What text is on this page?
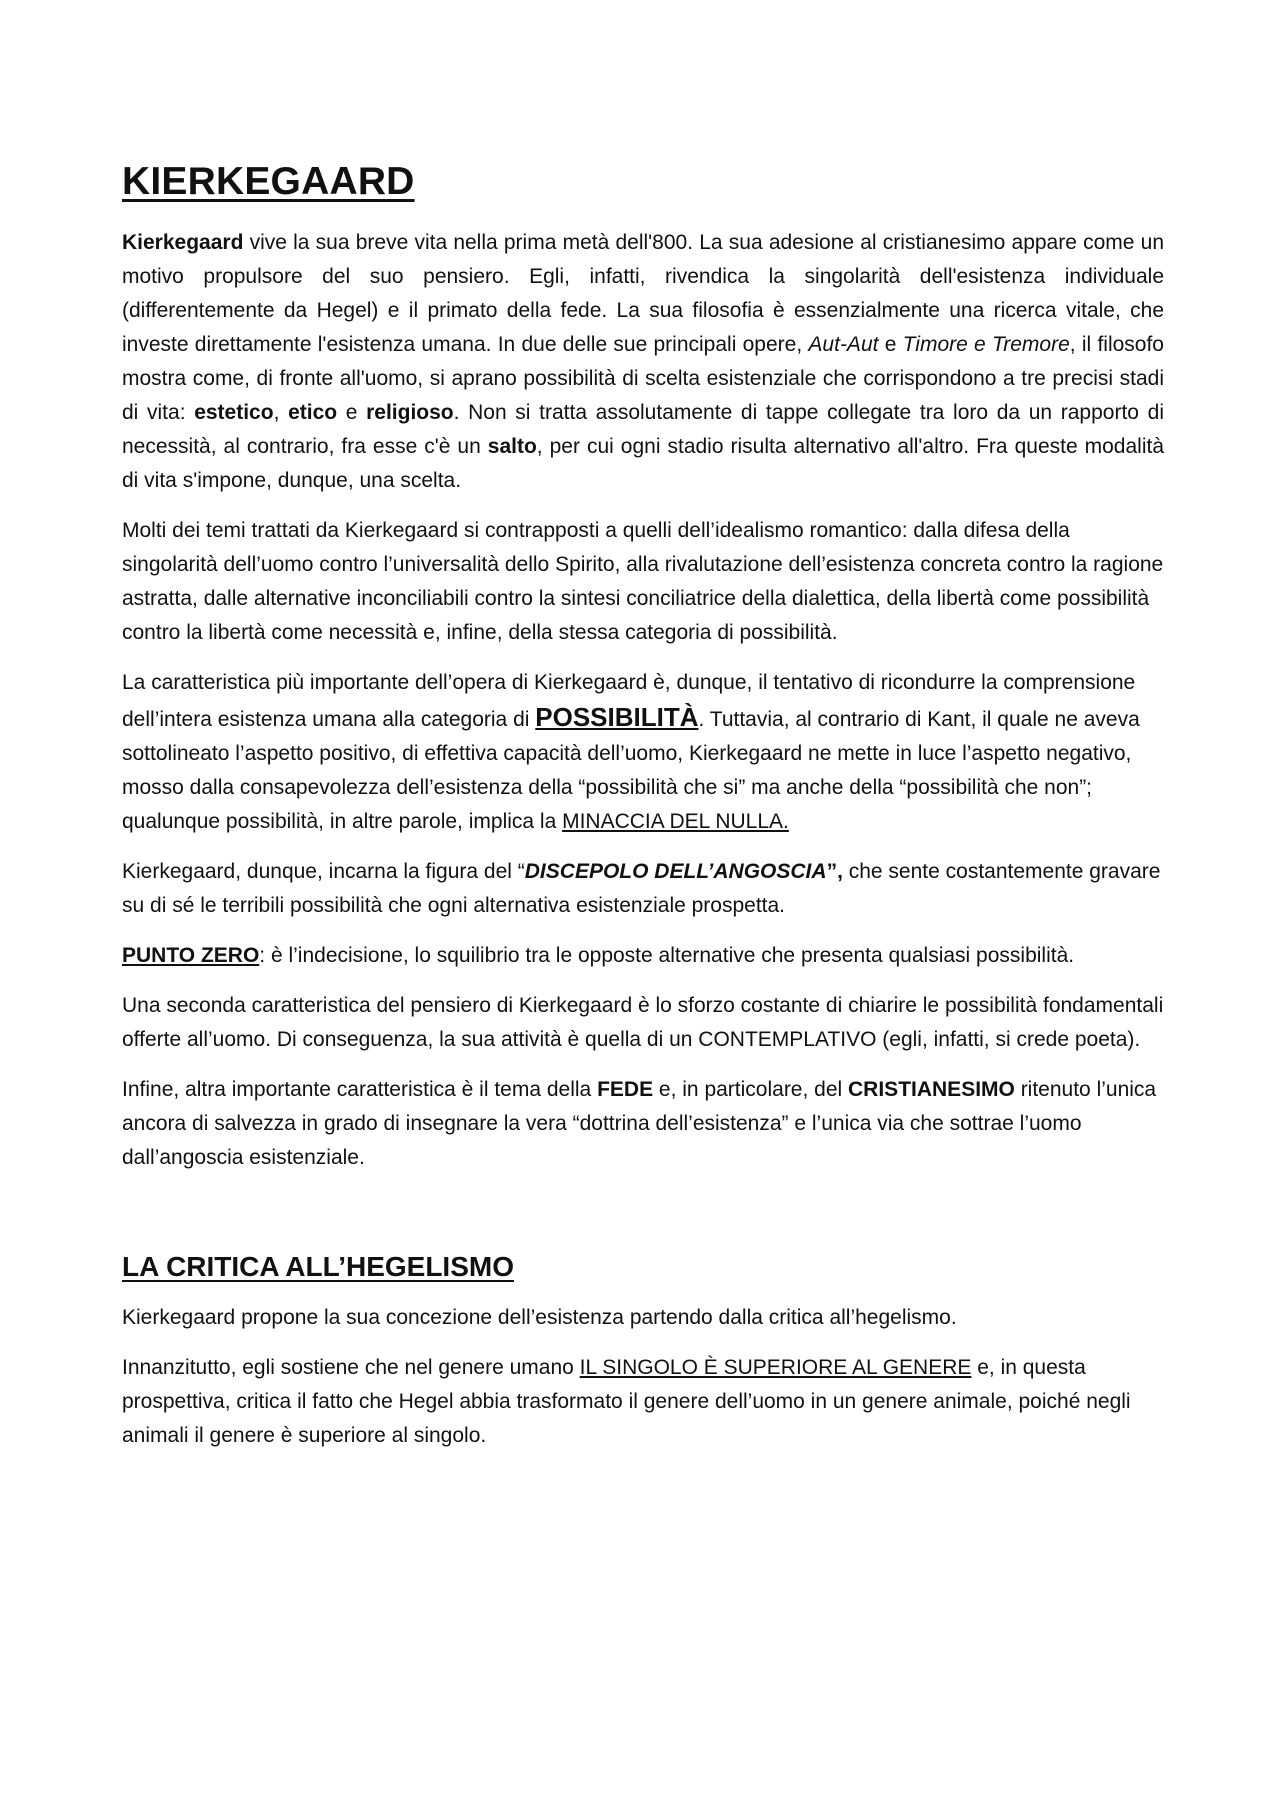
KIERKEGAARD

Kierkegaard vive la sua breve vita nella prima metà dell'800. La sua adesione al cristianesimo appare come un motivo propulsore del suo pensiero. Egli, infatti, rivendica la singolarità dell'esistenza individuale (differentemente da Hegel) e il primato della fede. La sua filosofia è essenzialmente una ricerca vitale, che investe direttamente l'esistenza umana. In due delle sue principali opere, Aut-Aut e Timore e Tremore, il filosofo mostra come, di fronte all'uomo, si aprano possibilità di scelta esistenziale che corrispondono a tre precisi stadi di vita: estetico, etico e religioso. Non si tratta assolutamente di tappe collegate tra loro da un rapporto di necessità, al contrario, fra esse c'è un salto, per cui ogni stadio risulta alternativo all'altro. Fra queste modalità di vita s'impone, dunque, una scelta.

Molti dei temi trattati da Kierkegaard si contrapposti a quelli dell’idealismo romantico: dalla difesa della singolarità dell’uomo contro l’universalità dello Spirito, alla rivalutazione dell’esistenza concreta contro la ragione astratta, dalle alternative inconciliabili contro la sintesi conciliatrice della dialettica, della libertà come possibilità contro la libertà come necessità e, infine, della stessa categoria di possibilità.

La caratteristica più importante dell’opera di Kierkegaard è, dunque, il tentativo di ricondurre la comprensione dell’intera esistenza umana alla categoria di POSSIBILITÀ. Tuttavia, al contrario di Kant, il quale ne aveva sottolineato l’aspetto positivo, di effettiva capacità dell’uomo, Kierkegaard ne mette in luce l’aspetto negativo, mosso dalla consapevolezza dell’esistenza della “possibilità che si” ma anche della “possibilità che non”; qualunque possibilità, in altre parole, implica la MINACCIA DEL NULLA.

Kierkegaard, dunque, incarna la figura del “DISCEPOLO DELL’ANGOSCIA”, che sente costantemente gravare su di sé le terribili possibilità che ogni alternativa esistenziale prospetta.

PUNTO ZERO: è l’indecisione, lo squilibrio tra le opposte alternative che presenta qualsiasi possibilità.

Una seconda caratteristica del pensiero di Kierkegaard è lo sforzo costante di chiarire le possibilità fondamentali offerte all’uomo. Di conseguenza, la sua attività è quella di un CONTEMPLATIVO (egli, infatti, si crede poeta).

Infine, altra importante caratteristica è il tema della FEDE e, in particolare, del CRISTIANESIMO ritenuto l’unica ancora di salvezza in grado di insegnare la vera “dottrina dell’esistenza” e l’unica via che sottrae l’uomo dall’angoscia esistenziale.

LA CRITICA ALL’HEGELISMO

Kierkegaard propone la sua concezione dell’esistenza partendo dalla critica all’hegelismo.

Innanzitutto, egli sostiene che nel genere umano IL SINGOLO È SUPERIORE AL GENERE e, in questa prospettiva, critica il fatto che Hegel abbia trasformato il genere dell’uomo in un genere animale, poiché negli animali il genere è superiore al singolo.
